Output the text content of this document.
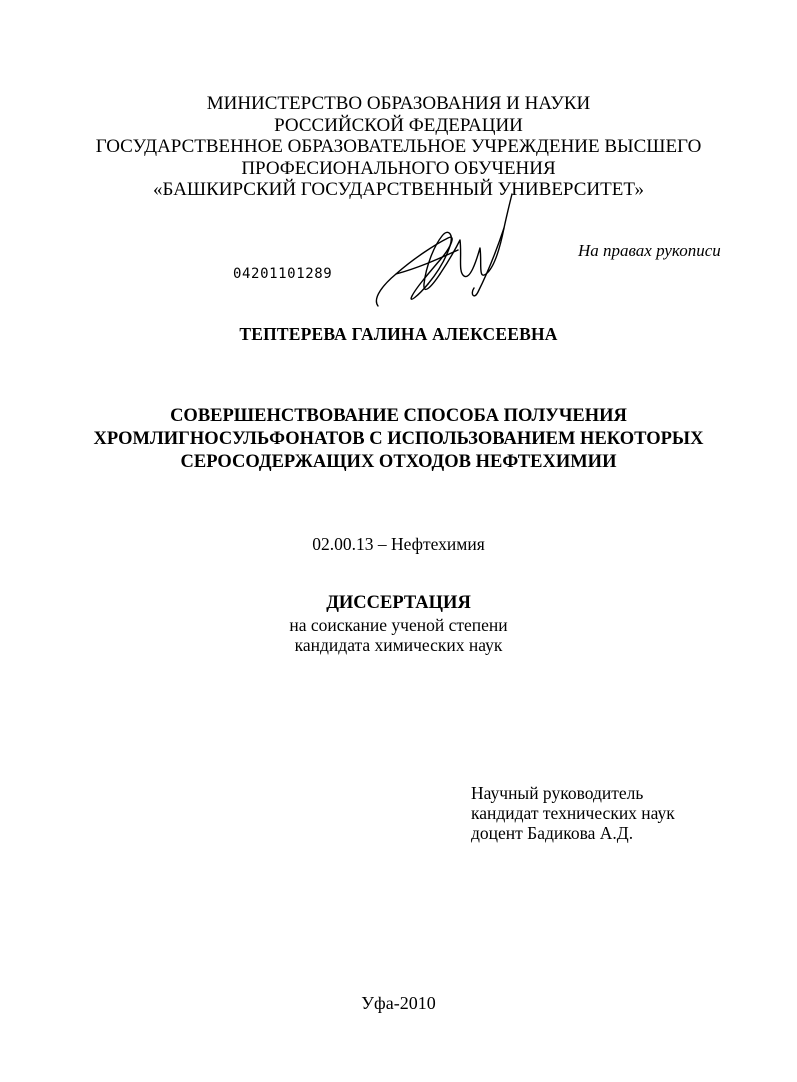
МИНИСТЕРСТВО ОБРАЗОВАНИЯ И НАУКИ
РОССИЙСКОЙ ФЕДЕРАЦИИ
ГОСУДАРСТВЕННОЕ ОБРАЗОВАТЕЛЬНОЕ УЧРЕЖДЕНИЕ ВЫСШЕГО
ПРОФЕСИОНАЛЬНОГО ОБУЧЕНИЯ
«БАШКИРСКИЙ ГОСУДАРСТВЕННЫЙ УНИВЕРСИТЕТ»
На правах рукописи
04201101289
ТЕПТЕРЕВА ГАЛИНА АЛЕКСЕЕВНА
СОВЕРШЕНСТВОВАНИЕ СПОСОБА ПОЛУЧЕНИЯ
ХРОМЛИГНОСУЛЬФОНАТОВ С ИСПОЛЬЗОВАНИЕМ НЕКОТОРЫХ
СЕРОСОДЕРЖАЩИХ ОТХОДОВ НЕФТЕХИМИИ
02.00.13 – Нефтехимия
ДИССЕРТАЦИЯ
на соискание ученой степени
кандидата химических наук
Научный руководитель
кандидат технических наук
доцент Бадикова А.Д.
Уфа-2010
